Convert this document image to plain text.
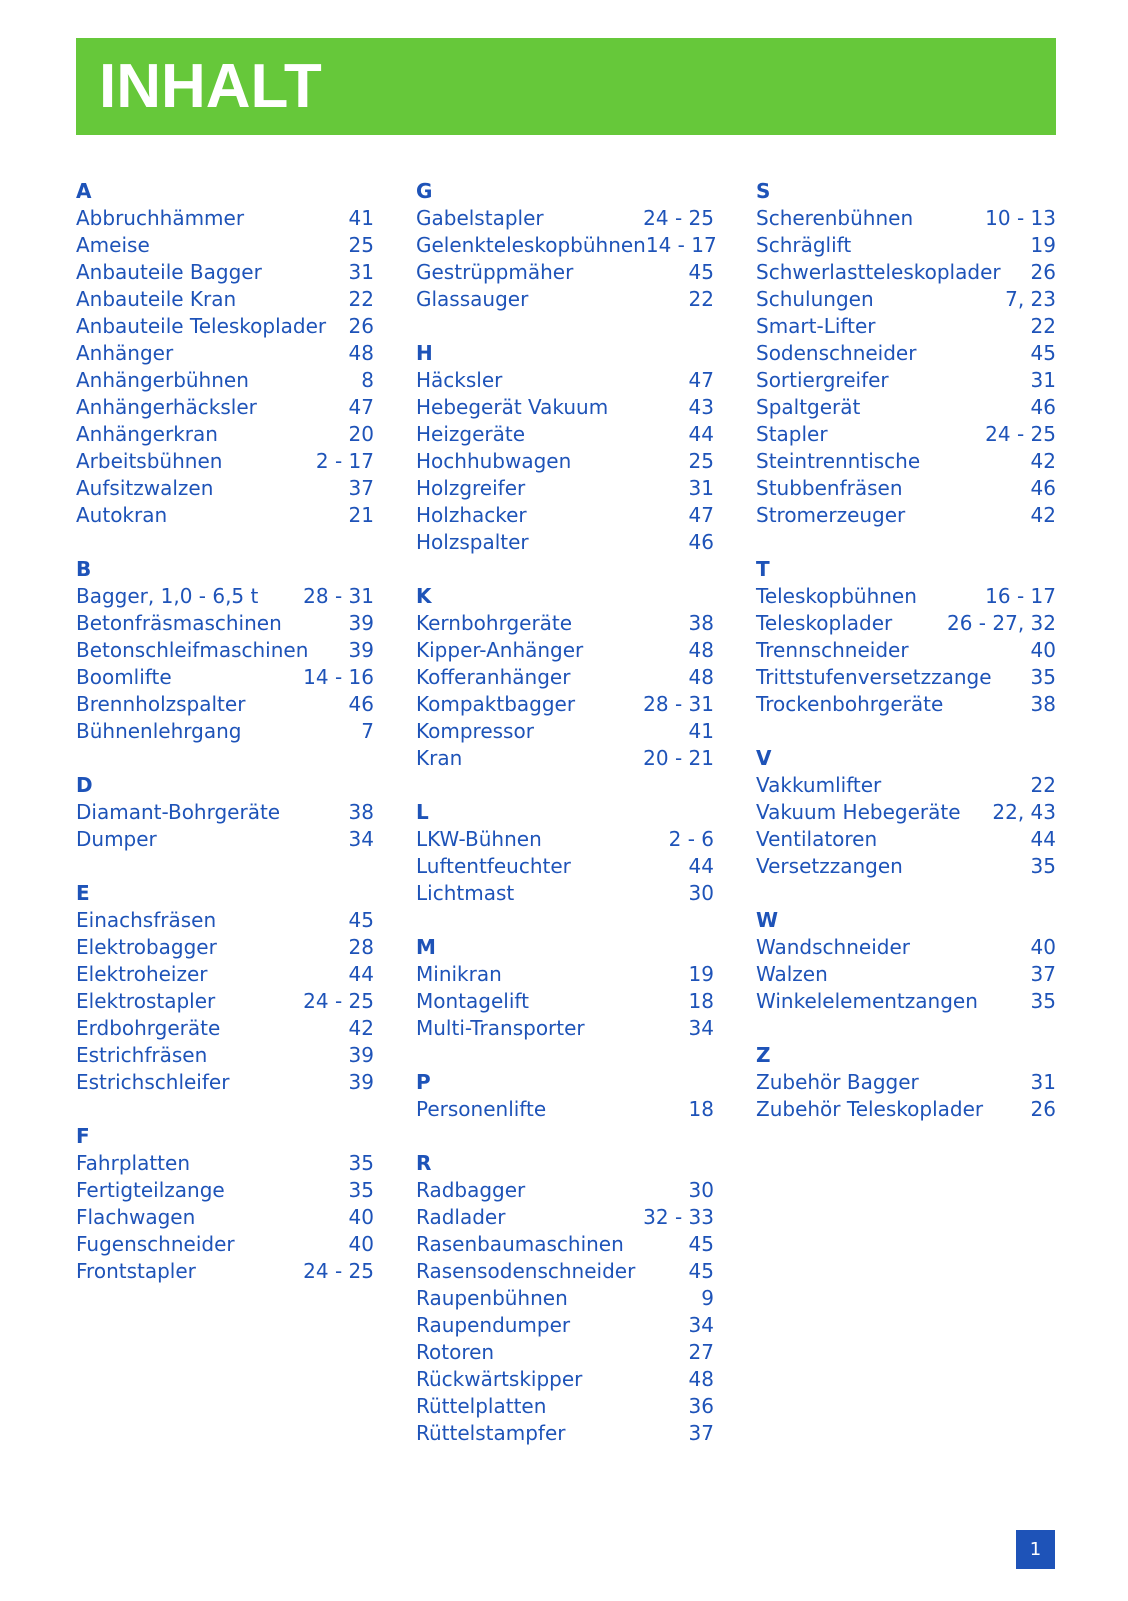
INHALT
A
Abbruchhämmer	41
Ameise	25
Anbauteile Bagger	31
Anbauteile Kran	22
Anbauteile Teleskoplader 26
Anhänger	48
Anhängerbühnen	8
Anhängerhäcksler	47
Anhängerkran	20
Arbeitsbühnen	2 - 17
Aufsitzwalzen	37
Autokran	21
B
Bagger, 1,0 - 6,5 t 28 - 31
Betonfräsmaschinen	39
Betonschleifmaschinen 39
Boomlifte	14 - 16
Brennholzspalter	46
Bühnenlehrgang	7
D
Diamant-Bohrgeräte	38
Dumper	34
E
Einachsfräsen	45
Elektrobagger	28
Elektroheizer	44
Elektrostapler	24 - 25
Erdbohrgeräte	42
Estrichfräsen	39
Estrichschleifer	39
F
Fahrplatten	35
Fertigteilzange	35
Flachwagen	40
Fugenschneider	40
Frontstapler	24 - 25
G
Gabelstapler	24 - 25
Gelenkteleskopbühnen 14 - 17
Gestrüppmäher	45
Glassauger	22
H
Häcksler	47
Hebegerät Vakuum	43
Heizgeräte	44
Hochhubwagen	25
Holzgreifer	31
Holzhacker	47
Holzspalter	46
K
Kernbohrgeräte	38
Kipper-Anhänger	48
Kofferanhänger	48
Kompaktbagger	28 - 31
Kompressor	41
Kran	20 - 21
L
LKW-Bühnen	2 - 6
Luftentfeuchter	44
Lichtmast	30
M
Minikran	19
Montagelift	18
Multi-Transporter	34
P
Personenlifte	18
R
Radbagger	30
Radlader	32 - 33
Rasenbaumaschinen	45
Rasensodenschneider	45
Raupenbühnen	9
Raupendumper	34
Rotoren	27
Rückwärtskipper	48
Rüttelplatten	36
Rüttelstampfer	37
S
Scherenbühnen	10 - 13
Schräglift	19
Schwerlastteleskoplader 26
Schulungen	7, 23
Smart-Lifter	22
Sodenschneider	45
Sortiergreifer	31
Spaltgerät	46
Stapler	24 - 25
Steintrenntische	42
Stubbenfräsen	46
Stromerzeuger	42
T
Teleskopbühnen	16 - 17
Teleskoplader	26 - 27, 32
Trennschneider	40
Trittstufenversetzzange 35
Trockenbohrgeräte	38
V
Vakkumlifter	22
Vakuum Hebegeräte 22, 43
Ventilatoren	44
Versetzzangen	35
W
Wandschneider	40
Walzen	37
Winkelelementzangen	35
Z
Zubehör Bagger	31
Zubehör Teleskoplader 26
1
